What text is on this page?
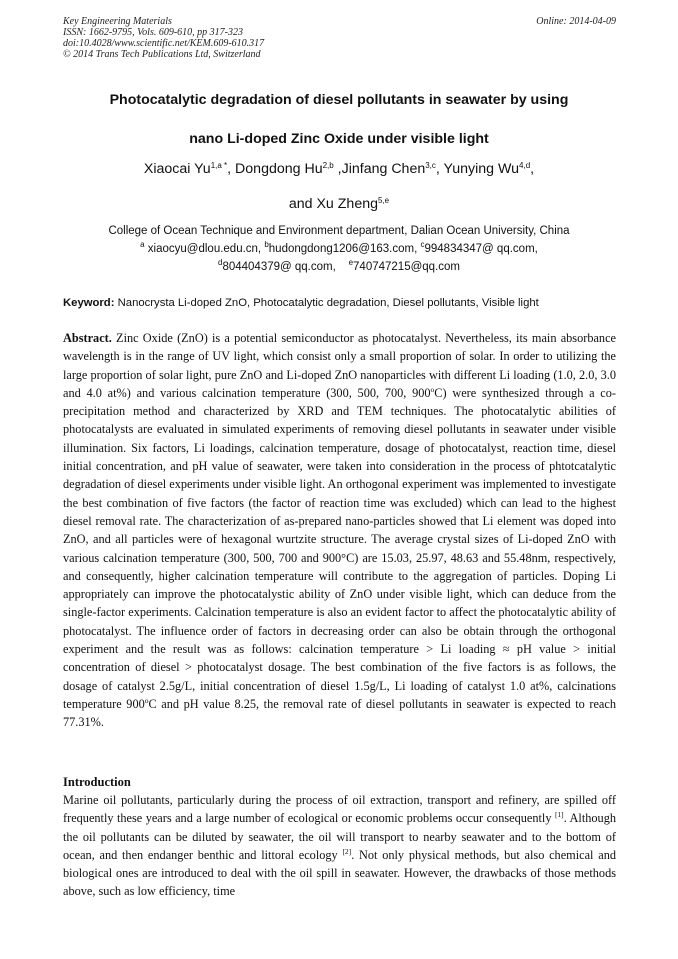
Key Engineering Materials
ISSN: 1662-9795, Vols. 609-610, pp 317-323
doi:10.4028/www.scientific.net/KEM.609-610.317
© 2014 Trans Tech Publications Ltd, Switzerland
Online: 2014-04-09
Photocatalytic degradation of diesel pollutants in seawater by using
nano Li-doped Zinc Oxide under visible light
Xiaocai $Yu^{1,a *}$, Dongdong Hu$^{2,b}$ ,Jinfang Chen$^{3,c}$, Yunying Wu$^{4,d}$,
and Xu Zheng$^{5,e}$
College of Ocean Technique and Environment department, Dalian Ocean University, China
$^a$ xiaocyu@dlou.edu.cn, $^b$hudongdong1206@163.com, $^c$994834347@ qq.com,
$^d$804404379@ qq.com, $^e$740747215@qq.com
Keyword: Nanocrysta Li-doped ZnO, Photocatalytic degradation, Diesel pollutants, Visible light
Abstract. Zinc Oxide (ZnO) is a potential semiconductor as photocatalyst. Nevertheless, its main absorbance wavelength is in the range of UV light, which consist only a small proportion of solar. In order to utilizing the large proportion of solar light, pure ZnO and Li-doped ZnO nanoparticles with different Li loading (1.0, 2.0, 3.0 and 4.0 at%) and various calcination temperature (300, 500, 700, 900$^o$C) were synthesized through a co-precipitation method and characterized by XRD and TEM techniques. The photocatalytic abilities of photocatalysts are evaluated in simulated experiments of removing diesel pollutants in seawater under visible illumination. Six factors, Li loadings, calcination temperature, dosage of photocatalyst, reaction time, diesel initial concentration, and pH value of seawater, were taken into consideration in the process of phtotcatalytic degradation of diesel experiments under visible light. An orthogonal experiment was implemented to investigate the best combination of five factors (the factor of reaction time was excluded) which can lead to the highest diesel removal rate. The characterization of as-prepared nano-particles showed that Li element was doped into ZnO, and all particles were of hexagonal wurtzite structure. The average crystal sizes of Li-doped ZnO with various calcination temperature (300, 500, 700 and 900°C) are 15.03, 25.97, 48.63 and 55.48nm, respectively, and consequently, higher calcination temperature will contribute to the aggregation of particles. Doping Li appropriately can improve the photocatalystic ability of ZnO under visible light, which can deduce from the single-factor experiments. Calcination temperature is also an evident factor to affect the photocatalytic ability of photocatalyst. The influence order of factors in decreasing order can also be obtain through the orthogonal experiment and the result was as follows: calcination temperature > Li loading ≈ pH value > initial concentration of diesel > photocatalyst dosage. The best combination of the five factors is as follows, the dosage of catalyst 2.5g/L, initial concentration of diesel 1.5g/L, Li loading of catalyst 1.0 at%, calcinations temperature 900$^o$C and pH value 8.25, the removal rate of diesel pollutants in seawater is expected to reach 77.31%.
Introduction
Marine oil pollutants, particularly during the process of oil extraction, transport and refinery, are spilled off frequently these years and a large number of ecological or economic problems occur consequently [1]. Although the oil pollutants can be diluted by seawater, the oil will transport to nearby seawater and to the bottom of ocean, and then endanger benthic and littoral ecology [2]. Not only physical methods, but also chemical and biological ones are introduced to deal with the oil spill in seawater. However, the drawbacks of those methods above, such as low efficiency, time
